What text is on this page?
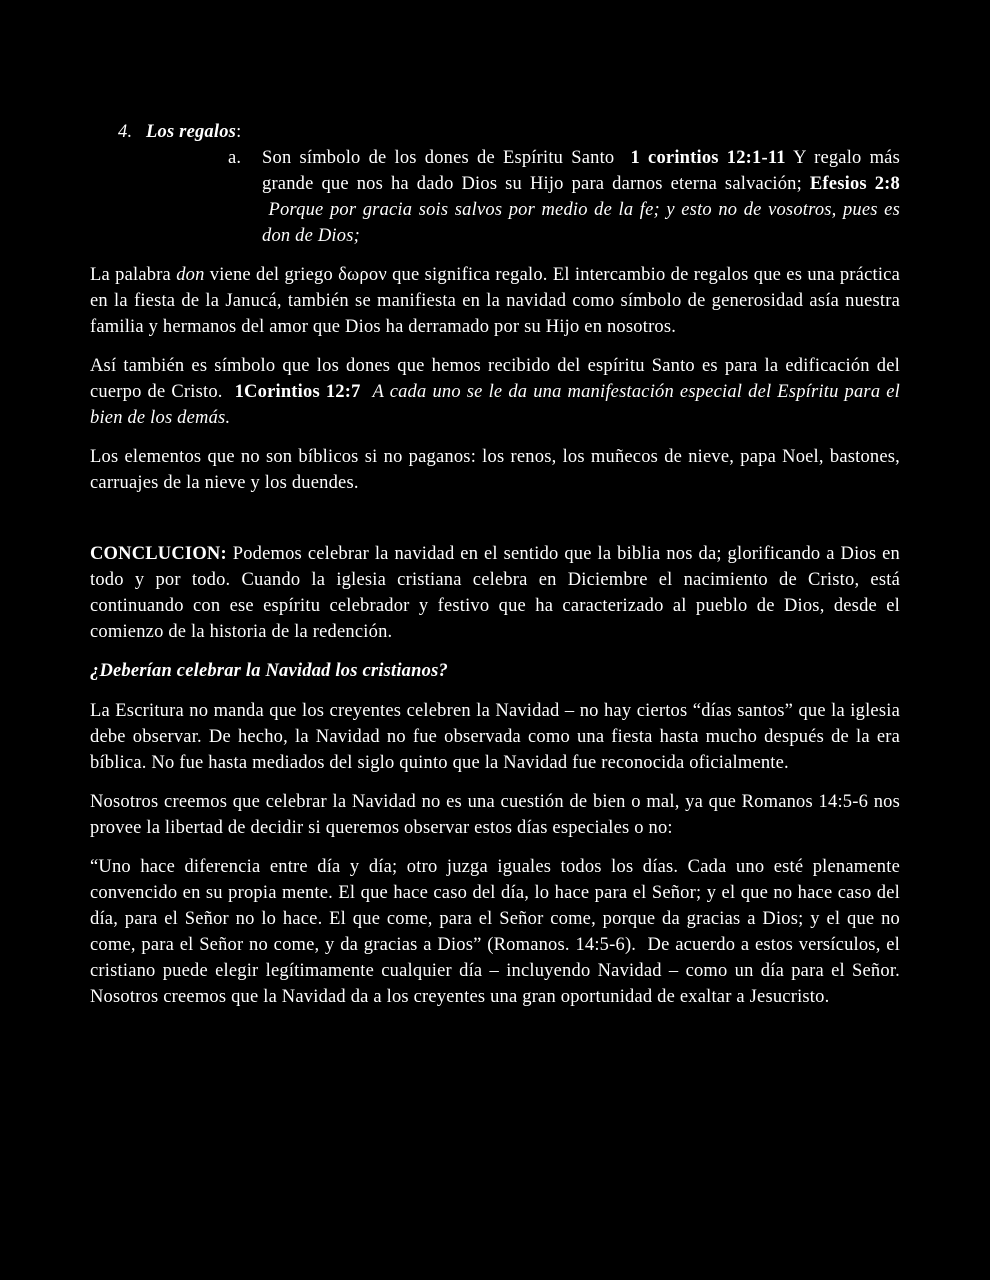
4. Los regalos:
a.	Son símbolo de los dones de Espíritu Santo  1 corintios 12:1-11 Y regalo más grande que nos ha dado Dios su Hijo para darnos eterna salvación; Efesios 2:8  Porque por gracia sois salvos por medio de la fe; y esto no de vosotros, pues es don de Dios;

La palabra don viene del griego δωρον que significa regalo. El intercambio de regalos que es una práctica en la fiesta de la Janucá, también se manifiesta en la navidad como símbolo de generosidad asía nuestra familia y hermanos del amor que Dios ha derramado por su Hijo en nosotros.

Así también es símbolo que los dones que hemos recibido del espíritu Santo es para la edificación del cuerpo de Cristo.  1Corintios 12:7 A cada uno se le da una manifestación especial del Espíritu para el bien de los demás.

Los elementos que no son bíblicos si no paganos: los renos, los muñecos de nieve, papa Noel, bastones, carruajes de la nieve y los duendes.

CONCLUCION: Podemos celebrar la navidad en el sentido que la biblia nos da; glorificando a Dios en todo y por todo. Cuando la iglesia cristiana celebra en Diciembre el nacimiento de Cristo, está continuando con ese espíritu celebrador y festivo que ha caracterizado al pueblo de Dios, desde el comienzo de la historia de la redención.

¿Deberían celebrar la Navidad los cristianos?

La Escritura no manda que los creyentes celebren la Navidad – no hay ciertos “días santos” que la iglesia debe observar. De hecho, la Navidad no fue observada como una fiesta hasta mucho después de la era bíblica. No fue hasta mediados del siglo quinto que la Navidad fue reconocida oficialmente.

Nosotros creemos que celebrar la Navidad no es una cuestión de bien o mal, ya que Romanos 14:5-6 nos provee la libertad de decidir si queremos observar estos días especiales o no:

“Uno hace diferencia entre día y día; otro juzga iguales todos los días. Cada uno esté plenamente convencido en su propia mente. El que hace caso del día, lo hace para el Señor; y el que no hace caso del día, para el Señor no lo hace. El que come, para el Señor come, porque da gracias a Dios; y el que no come, para el Señor no come, y da gracias a Dios” (Romanos. 14:5-6).  De acuerdo a estos versículos, el cristiano puede elegir legítimamente cualquier día – incluyendo Navidad – como un día para el Señor. Nosotros creemos que la Navidad da a los creyentes una gran oportunidad de exaltar a Jesucristo.
